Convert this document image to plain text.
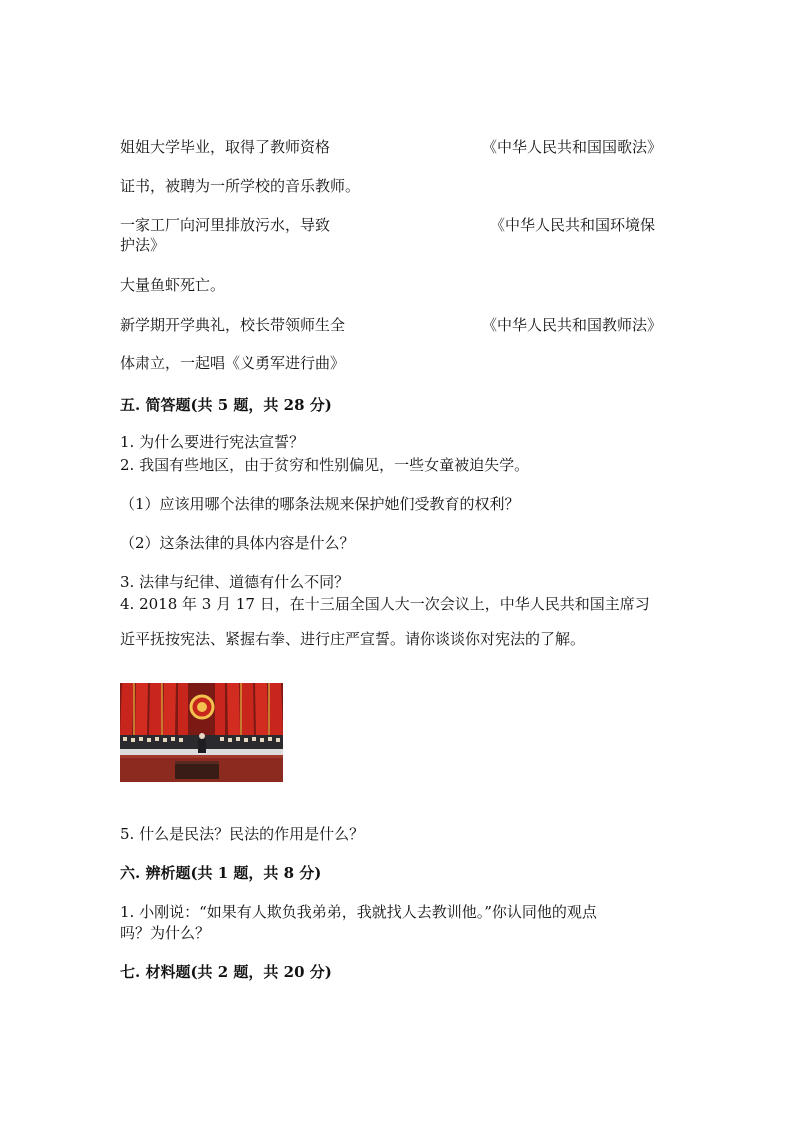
姐姐大学毕业，取得了教师资格	《中华人民共和国国歌法》
证书，被聘为一所学校的音乐教师。
一家工厂向河里排放污水，导致	《中华人民共和国环境保
护法》
大量鱼虾死亡。
新学期开学典礼，校长带领师生全	《中华人民共和国教师法》
体肃立，一起唱《义勇军进行曲》
五. 简答题(共 5 题，共 28 分)
1. 为什么要进行宪法宣誓？
2. 我国有些地区，由于贫穷和性别偏见，一些女童被迫失学。
（1）应该用哪个法律的哪条法规来保护她们受教育的权利？
（2）这条法律的具体内容是什么？
3. 法律与纪律、道德有什么不同？
4. 2018 年 3 月 17 日，在十三届全国人大一次会议上，中华人民共和国主席习
近平抚按宪法、紧握右拳、进行庄严宣誓。请你谈谈你对宪法的了解。
5. 什么是民法？民法的作用是什么？
六. 辨析题(共 1 题，共 8 分)
1. 小刚说：“如果有人欺负我弟弟，我就找人去教训他。”你认同他的观点
吗？为什么？
七. 材料题(共 2 题，共 20 分)
